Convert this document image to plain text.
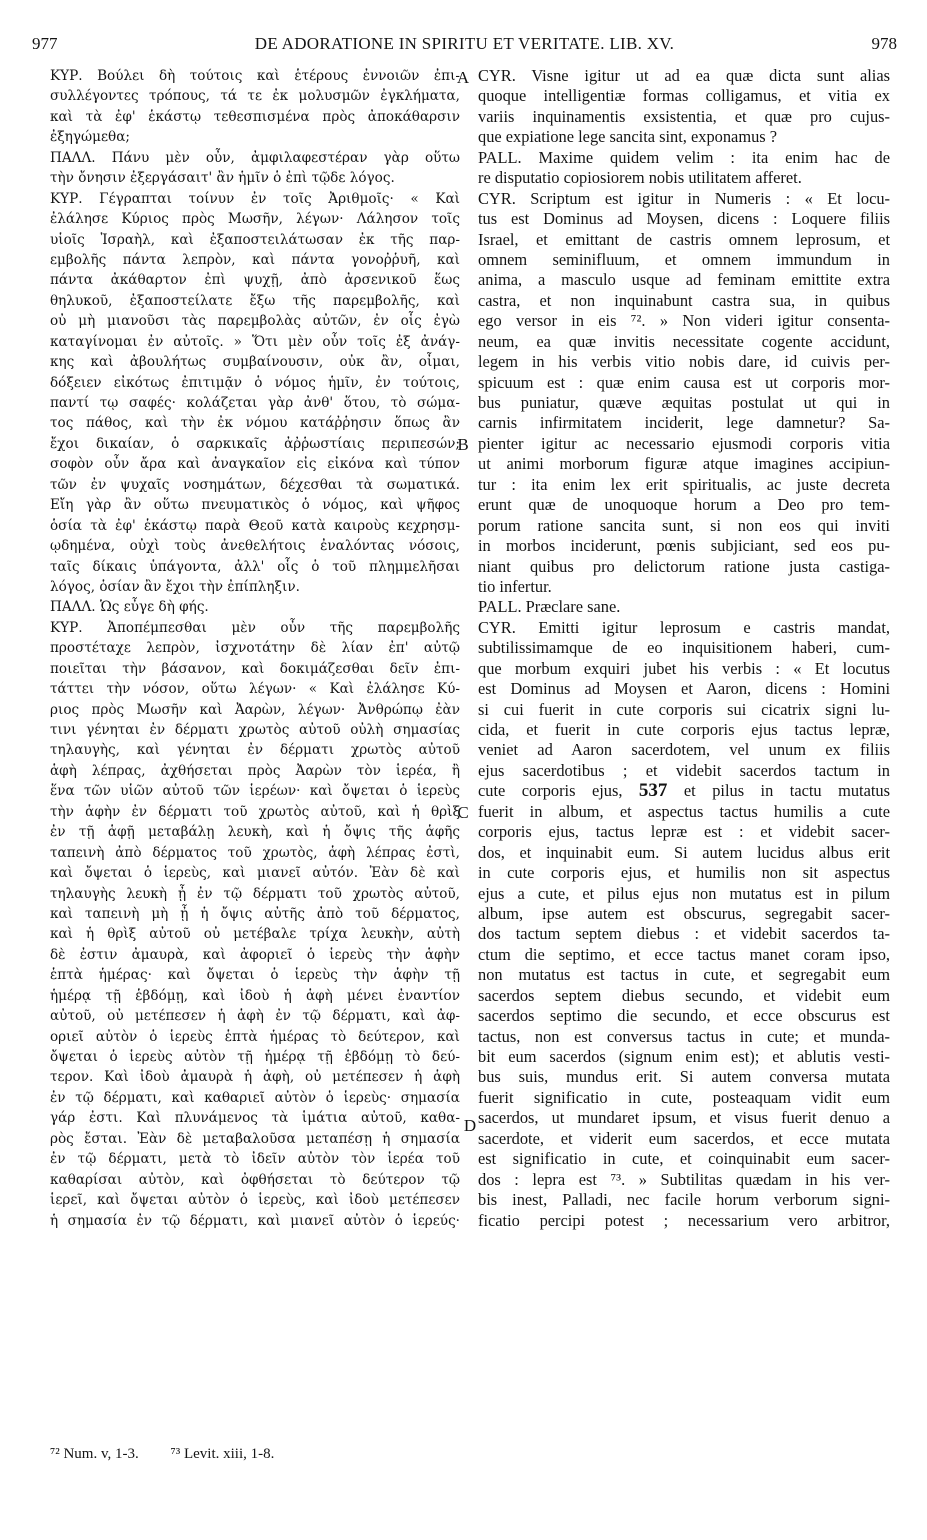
977	DE ADORATIONE IN SPIRITU ET VERITATE. LIB. XV.	978
ΚΥΡ. Βούλει δὴ τούτοις καὶ ἑτέρους ἐννοιῶν ἐπι-
συλλέγοντες τρόπους, τά τε ἐκ μολυσμῶν ἐγκλήματα,
καὶ τὰ ἐφ' ἑκάστῳ τεθεσπισμένα πρὸς ἀποκάθαρσιν
ἐξηγώμεθα;
ΠΑΛΛ. Πάνυ μὲν οὖν, ἀμφιλαφεστέραν γὰρ οὕτω
τὴν ὄνησιν ἐξεργάσαιτ' ἂν ἡμῖν ὁ ἐπὶ τῷδε λόγος.
ΚΥΡ. Γέγραπται τοίνυν ἐν τοῖς Ἀριθμοῖς· « Καὶ
ἐλάλησε Κύριος πρὸς Μωσῆν, λέγων· Λάλησον τοῖς
υἱοῖς Ἰσραὴλ, καὶ ἐξαποστειλάτωσαν ἐκ τῆς παρ-
εμβολῆς πάντα λεπρὸν, καὶ πάντα γονοῤῥυῆ, καὶ
πάντα ἀκάθαρτον ἐπὶ ψυχῇ, ἀπὸ ἀρσενικοῦ ἕως
θηλυκοῦ, ἐξαποστείλατε ἔξω τῆς παρεμβολῆς, καὶ
οὐ μὴ μιανοῦσι τὰς παρεμβολὰς αὐτῶν, ἐν οἷς ἐγὼ
καταγίνομαι ἐν αὐτοῖς. » Ὅτι μὲν οὖν τοῖς ἐξ ἀνάγ-
κης καὶ ἀβουλήτως συμβαίνουσιν, οὐκ ἂν, οἶμαι,
δόξειεν εἰκότως ἐπιτιμᾷν ὁ νόμος ἡμῖν, ἐν τούτοις,
παντί τῳ σαφές· κολάζεται γὰρ ἀνθ' ὅτου, τὸ σώμα-
τος πάθος, καὶ τὴν ἐκ νόμου κατάῤῥησιν ὅπως ἂν
ἔχοι δικαίαν, ὁ σαρκικαῖς ἀῤῥωστίαις περιπεσών;
σοφὸν οὖν ἄρα καὶ ἀναγκαῖον εἰς εἰκόνα καὶ τύπον
τῶν ἐν ψυχαῖς νοσημάτων, δέχεσθαι τὰ σωματικά.
Εἴη γὰρ ἂν οὕτω πνευματικὸς ὁ νόμος, καὶ ψῆφος
ὁσία τὰ ἐφ' ἑκάστῳ παρὰ Θεοῦ κατὰ καιροὺς κεχρησμ-
ῳδημένα, οὐχὶ τοὺς ἀνεθελήτοις ἐναλόντας νόσοις,
ταῖς δίκαις ὑπάγοντα, ἀλλ' οἷς ὁ τοῦ πλημμελῆσαι
λόγος, ὁσίαν ἂν ἔχοι τὴν ἐπίπληξιν.
ΠΑΛΛ. Ὡς εὖγε δὴ φής.
ΚΥΡ. Ἀποπέμπεσθαι μὲν οὖν τῆς παρεμβολῆς
προστέταχε λεπρὸν, ἰσχνοτάτην δὲ λίαν ἐπ' αὐτῷ
ποιεῖται τὴν βάσανον, καὶ δοκιμάζεσθαι δεῖν ἐπι-
τάττει τὴν νόσον, οὕτω λέγων· « Καὶ ἐλάλησε Κύ-
ριος πρὸς Μωσῆν καὶ Ἀαρὼν, λέγων· Ἀνθρώπῳ ἐὰν
τινι γένηται ἐν δέρματι χρωτὸς αὐτοῦ οὐλὴ σημασίας
τηλαυγὴς, καὶ γένηται ἐν δέρματι χρωτὸς αὐτοῦ
ἁφὴ λέπρας, ἀχθήσεται πρὸς Ἀαρὼν τὸν ἱερέα, ἢ
ἕνα τῶν υἱῶν αὐτοῦ τῶν ἱερέων· καὶ ὄψεται ὁ ἱερεὺς
τὴν ἁφὴν ἐν δέρματι τοῦ χρωτὸς αὐτοῦ, καὶ ἡ θρὶξ
ἐν τῇ ἁφῇ μεταβάλῃ λευκὴ, καὶ ἡ ὄψις τῆς ἁφῆς
ταπεινὴ ἀπὸ δέρματος τοῦ χρωτὸς, ἁφὴ λέπρας ἐστὶ,
καὶ ὄψεται ὁ ἱερεὺς, καὶ μιανεῖ αὐτόν. Ἐὰν δὲ καὶ
τηλαυγὴς λευκὴ ᾖ ἐν τῷ δέρματι τοῦ χρωτὸς αὐτοῦ,
καὶ ταπεινὴ μὴ ᾖ ἡ ὄψις αὐτῆς ἀπὸ τοῦ δέρματος,
καὶ ἡ θρὶξ αὐτοῦ οὐ μετέβαλε τρίχα λευκὴν, αὐτὴ
δὲ ἐστιν ἀμαυρὰ, καὶ ἀφοριεῖ ὁ ἱερεὺς τὴν ἁφὴν
ἑπτὰ ἡμέρας· καὶ ὄψεται ὁ ἱερεὺς τὴν ἁφὴν τῇ
ἡμέρᾳ τῇ ἑβδόμῃ, καὶ ἰδοὺ ἡ ἁφὴ μένει ἐναντίον
αὐτοῦ, οὐ μετέπεσεν ἡ ἁφὴ ἐν τῷ δέρματι, καὶ ἀφ-
οριεῖ αὐτὸν ὁ ἱερεὺς ἑπτὰ ἡμέρας τὸ δεύτερον, καὶ
ὄψεται ὁ ἱερεὺς αὐτὸν τῇ ἡμέρᾳ τῇ ἑβδόμῃ τὸ δεύ-
τερον. Καὶ ἰδοὺ ἀμαυρὰ ἡ ἁφὴ, οὐ μετέπεσεν ἡ ἁφὴ
ἐν τῷ δέρματι, καὶ καθαριεῖ αὐτὸν ὁ ἱερεὺς· σημασία
γάρ ἐστι. Καὶ πλυνάμενος τὰ ἱμάτια αὐτοῦ, καθα-
ρὸς ἔσται. Ἐὰν δὲ μεταβαλοῦσα μεταπέσῃ ἡ σημασία
ἐν τῷ δέρματι, μετὰ τὸ ἰδεῖν αὐτὸν τὸν ἱερέα τοῦ
καθαρίσαι αὐτὸν, καὶ ὀφθήσεται τὸ δεύτερον τῷ
ἱερεῖ, καὶ ὄψεται αὐτὸν ὁ ἱερεὺς, καὶ ἰδοὺ μετέπεσεν
ἡ σημασία ἐν τῷ δέρματι, καὶ μιανεῖ αὐτὸν ὁ ἱερεύς·
CYR. Visne igitur ut ad ea quæ dicta sunt alias
quoque intelligentiæ formas colligamus, et vitia ex
variis inquinamentis exsistentia, et quæ pro cujus-
que expiatione lege sancita sint, exponamus ?
PALL. Maxime quidem velim : ita enim hac de
re disputatio copiosiorem nobis utilitatem afferet.
CYR. Scriptum est igitur in Numeris : « Et locu-
tus est Dominus ad Moysen, dicens : Loquere filiis
Israel, et emittant de castris omnem leprosum, et
omnem seminifluum, et omnem immundum in
anima, a masculo usque ad feminam emittite extra
castra, et non inquinabunt castra sua, in quibus
ego versor in eis ⁷². » Non videri igitur consenta-
neum, ea quæ invitis necessitate cogente accidunt,
legem in his verbis vitio nobis dare, id cuivis per-
spicuum est : quæ enim causa est ut corporis mor-
bus puniatur, quæve æquitas postulat ut qui in
carnis infirmitatem inciderit, lege damnetur? Sa-
pienter igitur ac necessario ejusmodi corporis vitia
ut animi morborum figuræ atque imagines accipiun-
tur : ita enim lex erit spiritualis, ac juste decreta
erunt quæ de unoquoque horum a Deo pro tem-
porum ratione sancita sunt, si non eos qui inviti
in morbos inciderunt, pœnis subjiciant, sed eos pu-
niant quibus pro delictorum ratione justa castiga-
tio infertur.
PALL. Præclare sane.
CYR. Emitti igitur leprosum e castris mandat,
subtilissimamque de eo inquisitionem haberi, cum-
que morbum exquiri jubet his verbis : « Et locutus
est Dominus ad Moysen et Aaron, dicens : Homini
si cui fuerit in cute corporis sui cicatrix signi lu-
cida, et fuerit in cute corporis ejus tactus lepræ,
veniet ad Aaron sacerdotem, vel unum ex filiis
ejus sacerdotibus ; et videbit sacerdos tactum in
cute corporis ejus, 537 et pilus in tactu mutatus
fuerit in album, et aspectus tactus humilis a cute
corporis ejus, tactus lepræ est : et videbit sacer-
dos, et inquinabit eum. Si autem lucidus albus erit
in cute corporis ejus, et humilis non sit aspectus
ejus a cute, et pilus ejus non mutatus est in pilum
album, ipse autem est obscurus, segregabit sacer-
dos tactum septem diebus : et videbit sacerdos ta-
ctum die septimo, et ecce tactus manet coram ipso,
non mutatus est tactus in cute, et segregabit eum
sacerdos septem diebus secundo, et videbit eum
sacerdos septimo die secundo, et ecce obscurus est
tactus, non est conversus tactus in cute; et munda-
bit eum sacerdos (signum enim est); et ablutis vesti-
bus suis, mundus erit. Si autem conversa mutata
fuerit significatio in cute, posteaquam vidit eum
sacerdos, ut mundaret ipsum, et visus fuerit denuo a
sacerdote, et viderit eum sacerdos, et ecce mutata
est significatio in cute, et coinquinabit eum sacer-
dos : lepra est ⁷³. » Subtilitas quædam in his ver-
bis inest, Palladi, nec facile horum verborum signi-
ficatio percipi potest ; necessarium vero arbitror,
A
B
C
D
⁷² Num. v, 1-3. ⁷³ Levit. xiii, 1-8.
